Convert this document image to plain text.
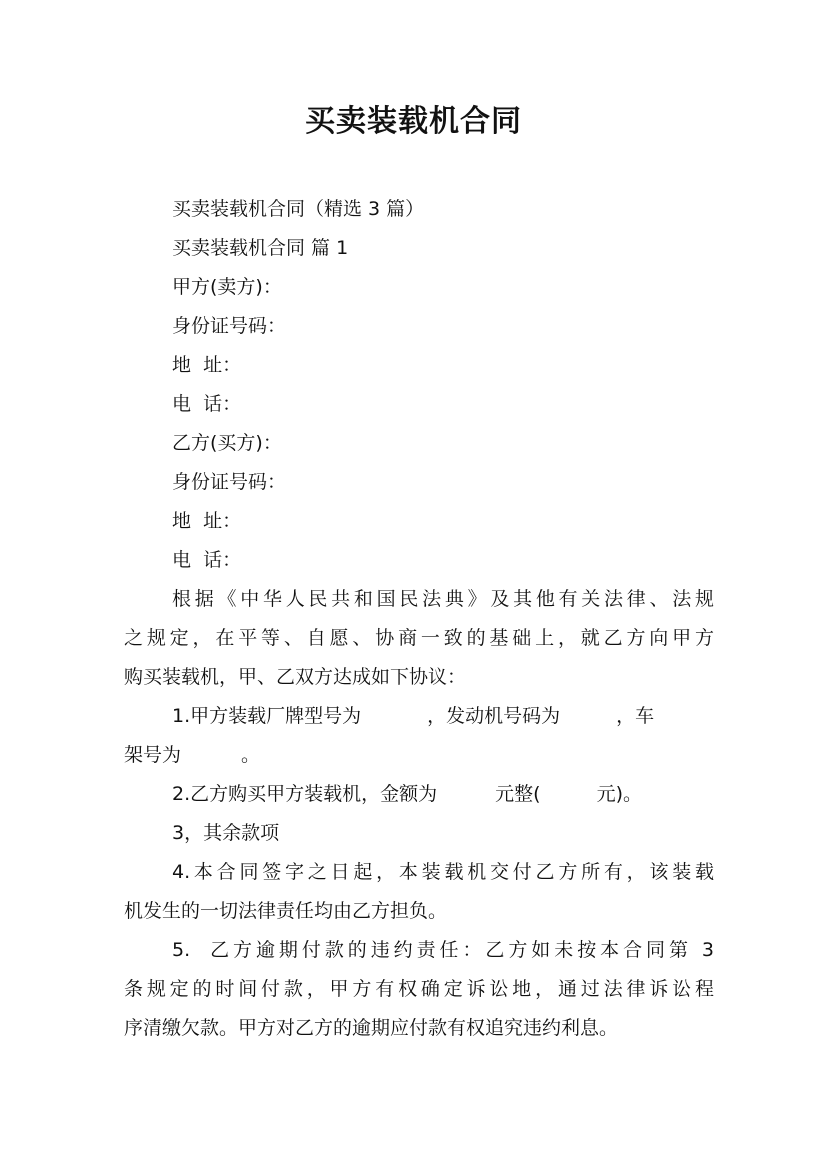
买卖装载机合同
买卖装载机合同（精选 3 篇）
买卖装载机合同 篇 1
甲方(卖方)：
身份证号码：
地  址：
电  话：
乙方(买方)：
身份证号码：
地  址：
电  话：
根据《中华人民共和国民法典》及其他有关法律、法规
之规定，在平等、自愿、协商一致的基础上，就乙方向甲方
购买装载机，甲、乙双方达成如下协议：
1.甲方装载厂牌型号为	，发动机号码为	，车
架号为	。
2.乙方购买甲方装载机，金额为	元整(	元)。
3，其余款项
4.本合同签字之日起，本装载机交付乙方所有，该装载
机发生的一切法律责任均由乙方担负。
5.  乙方逾期付款的违约责任：乙方如未按本合同第 3
条规定的时间付款，甲方有权确定诉讼地，通过法律诉讼程
序清缴欠款。甲方对乙方的逾期应付款有权追究违约利息。
